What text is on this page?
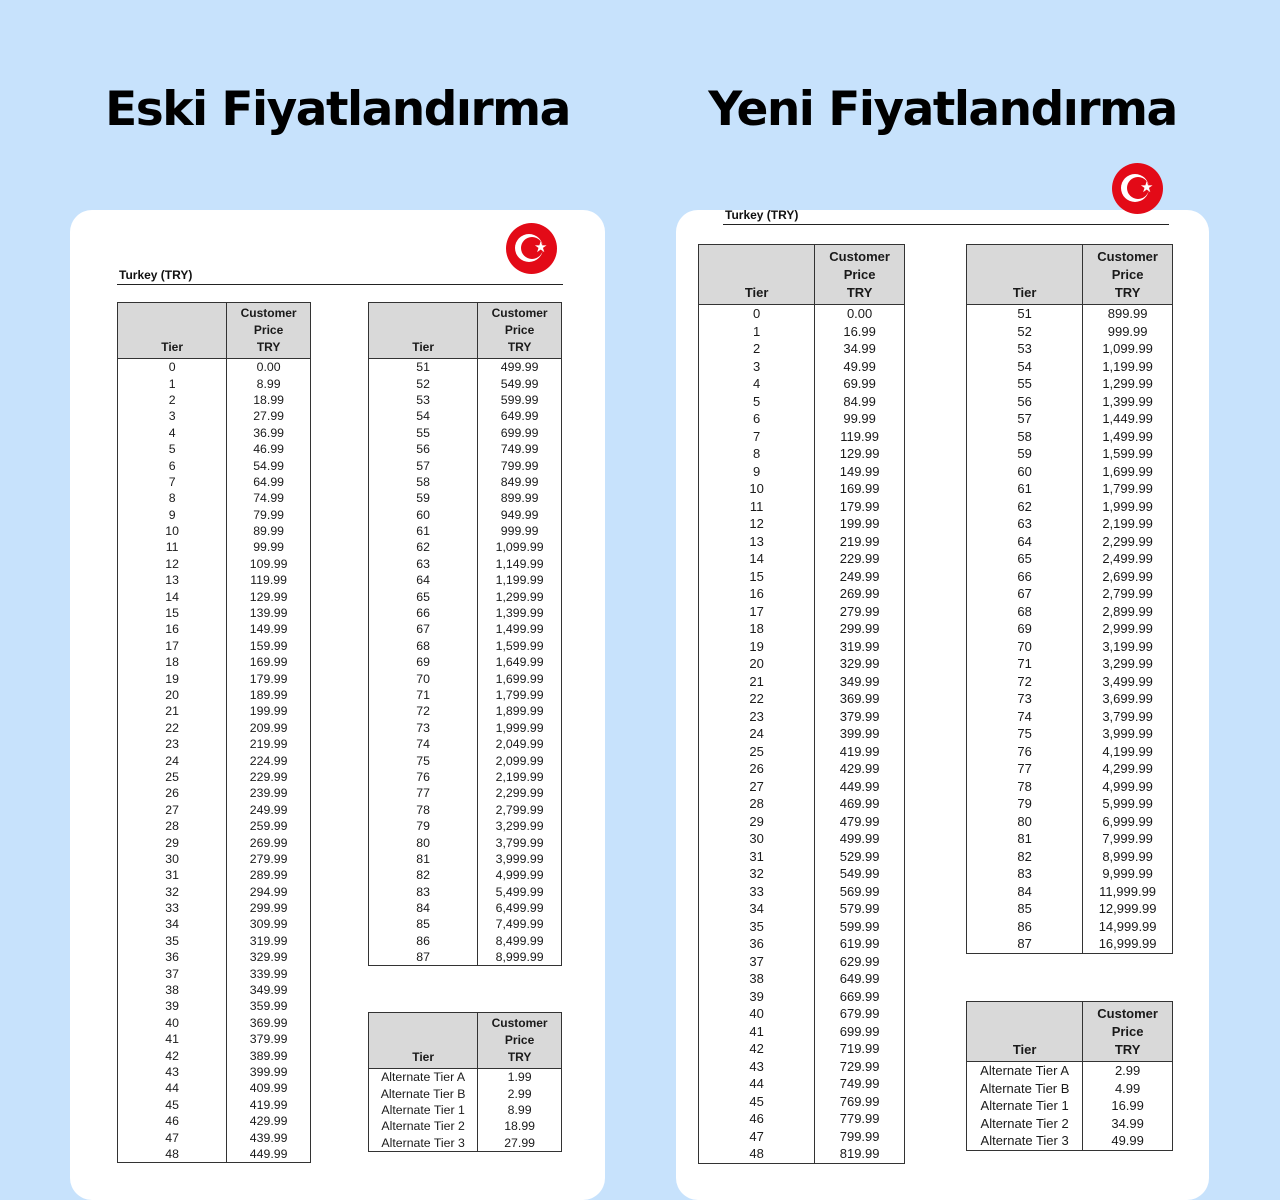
Eski Fiyatlandırma	Yeni Fiyatlandırma
★

Turkey (TRY)

Tier	Customer
Price
TRY
0	0.00
1	8.99
2	18.99
3	27.99
4	36.99
5	46.99
6	54.99
7	64.99
8	74.99
9	79.99
10	89.99
11	99.99
12	109.99
13	119.99
14	129.99
15	139.99
16	149.99
17	159.99
18	169.99
19	179.99
20	189.99
21	199.99
22	209.99
23	219.99
24	224.99
25	229.99
26	239.99
27	249.99
28	259.99
29	269.99
30	279.99
31	289.99
32	294.99
33	299.99
34	309.99
35	319.99
36	329.99
37	339.99
38	349.99
39	359.99
40	369.99
41	379.99
42	389.99
43	399.99
44	409.99
45	419.99
46	429.99
47	439.99
48	449.99
Tier	Customer
Price
TRY
51	499.99
52	549.99
53	599.99
54	649.99
55	699.99
56	749.99
57	799.99
58	849.99
59	899.99
60	949.99
61	999.99
62	1,099.99
63	1,149.99
64	1,199.99
65	1,299.99
66	1,399.99
67	1,499.99
68	1,599.99
69	1,649.99
70	1,699.99
71	1,799.99
72	1,899.99
73	1,999.99
74	2,049.99
75	2,099.99
76	2,199.99
77	2,299.99
78	2,799.99
79	3,299.99
80	3,799.99
81	3,999.99
82	4,999.99
83	5,499.99
84	6,499.99
85	7,499.99
86	8,499.99
87	8,999.99
Tier	Customer
Price
TRY
Alternate Tier A	1.99
Alternate Tier B	2.99
Alternate Tier 1	8.99
Alternate Tier 2	18.99
Alternate Tier 3	27.99
★

Turkey (TRY)

Tier	Customer
Price
TRY
0	0.00
1	16.99
2	34.99
3	49.99
4	69.99
5	84.99
6	99.99
7	119.99
8	129.99
9	149.99
10	169.99
11	179.99
12	199.99
13	219.99
14	229.99
15	249.99
16	269.99
17	279.99
18	299.99
19	319.99
20	329.99
21	349.99
22	369.99
23	379.99
24	399.99
25	419.99
26	429.99
27	449.99
28	469.99
29	479.99
30	499.99
31	529.99
32	549.99
33	569.99
34	579.99
35	599.99
36	619.99
37	629.99
38	649.99
39	669.99
40	679.99
41	699.99
42	719.99
43	729.99
44	749.99
45	769.99
46	779.99
47	799.99
48	819.99
Tier	Customer
Price
TRY
51	899.99
52	999.99
53	1,099.99
54	1,199.99
55	1,299.99
56	1,399.99
57	1,449.99
58	1,499.99
59	1,599.99
60	1,699.99
61	1,799.99
62	1,999.99
63	2,199.99
64	2,299.99
65	2,499.99
66	2,699.99
67	2,799.99
68	2,899.99
69	2,999.99
70	3,199.99
71	3,299.99
72	3,499.99
73	3,699.99
74	3,799.99
75	3,999.99
76	4,199.99
77	4,299.99
78	4,999.99
79	5,999.99
80	6,999.99
81	7,999.99
82	8,999.99
83	9,999.99
84	11,999.99
85	12,999.99
86	14,999.99
87	16,999.99
Tier	Customer
Price
TRY
Alternate Tier A	2.99
Alternate Tier B	4.99
Alternate Tier 1	16.99
Alternate Tier 2	34.99
Alternate Tier 3	49.99
